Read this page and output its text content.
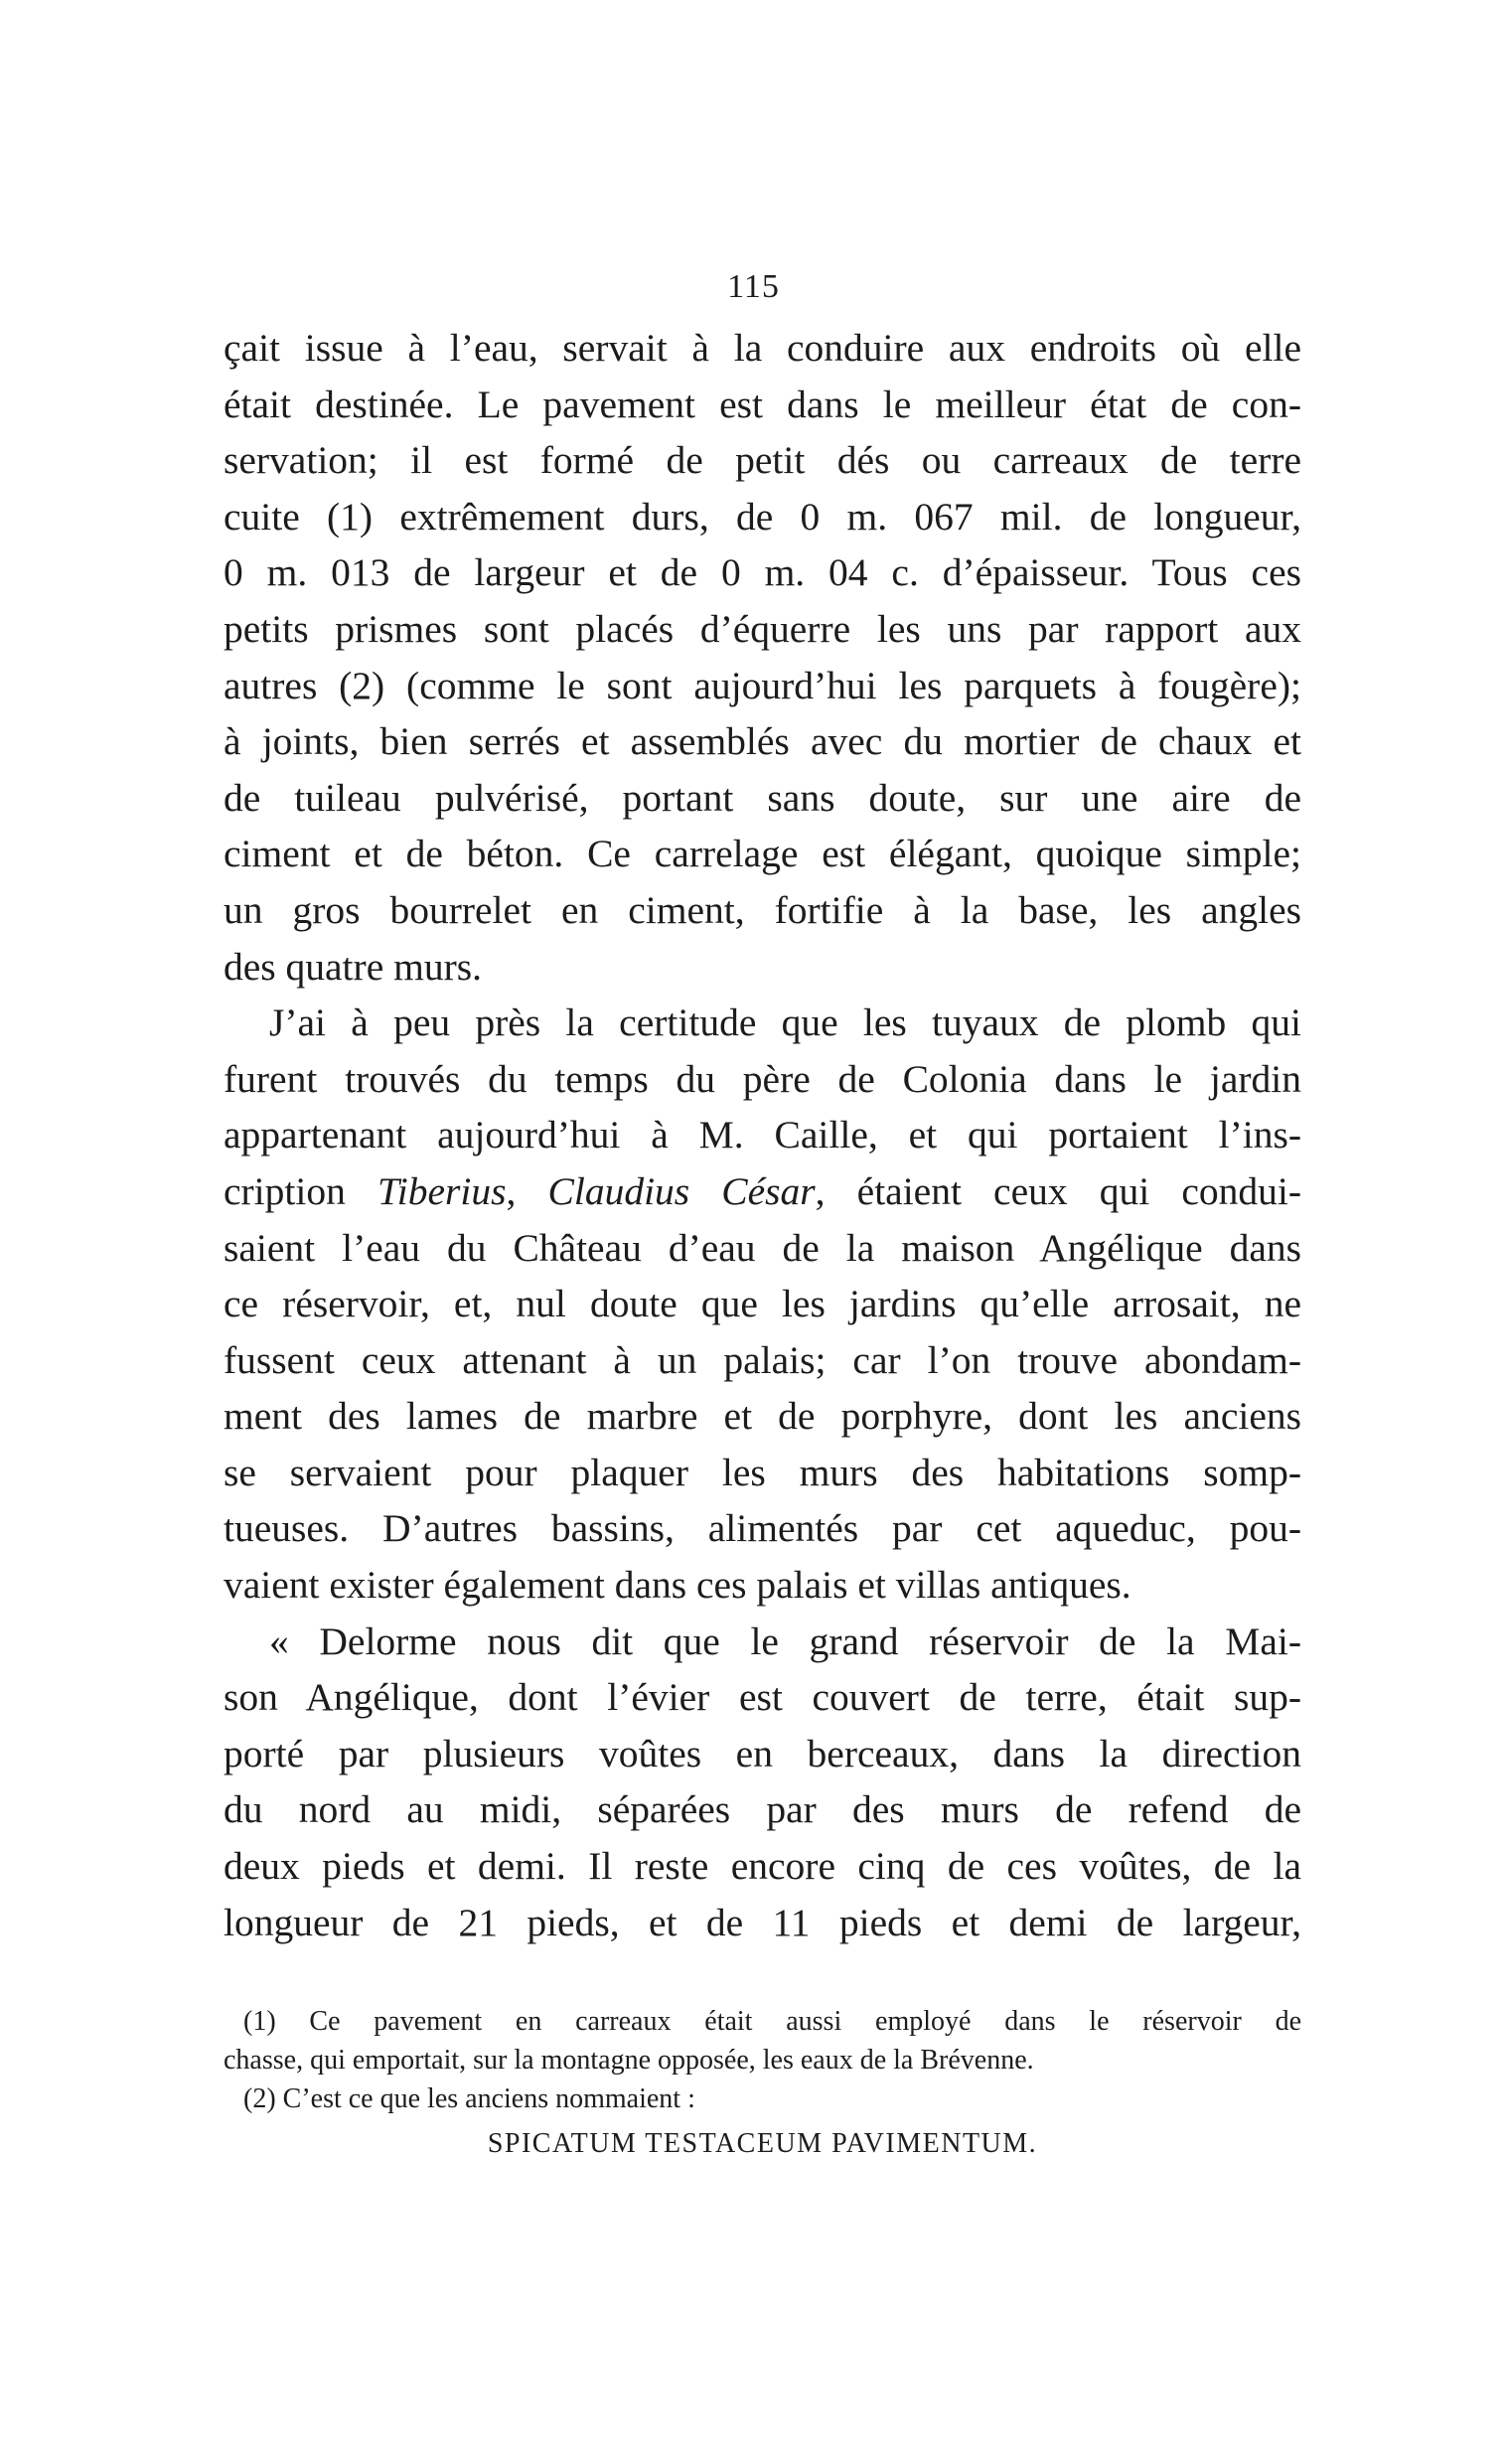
115
çait issue à l’eau, servait à la conduire aux endroits où elle
était destinée. Le pavement est dans le meilleur état de con-
servation; il est formé de petit dés ou carreaux de terre
cuite (1) extrêmement durs, de 0 m. 067 mil. de longueur,
0 m. 013 de largeur et de 0 m. 04 c. d’épaisseur. Tous ces
petits prismes sont placés d’équerre les uns par rapport aux
autres (2) (comme le sont aujourd’hui les parquets à fougère);
à joints, bien serrés et assemblés avec du mortier de chaux et
de tuileau pulvérisé, portant sans doute, sur une aire de
ciment et de béton. Ce carrelage est élégant, quoique simple;
un gros bourrelet en ciment, fortifie à la base, les angles
des quatre murs.
J’ai à peu près la certitude que les tuyaux de plomb qui
furent trouvés du temps du père de Colonia dans le jardin
appartenant aujourd’hui à M. Caille, et qui portaient l’ins-
cription Tiberius, Claudius César, étaient ceux qui condui-
saient l’eau du Château d’eau de la maison Angélique dans
ce réservoir, et, nul doute que les jardins qu’elle arrosait, ne
fussent ceux attenant à un palais; car l’on trouve abondam-
ment des lames de marbre et de porphyre, dont les anciens
se servaient pour plaquer les murs des habitations somp-
tueuses. D’autres bassins, alimentés par cet aqueduc, pou-
vaient exister également dans ces palais et villas antiques.
« Delorme nous dit que le grand réservoir de la Mai-
son Angélique, dont l’évier est couvert de terre, était sup-
porté par plusieurs voûtes en berceaux, dans la direction
du nord au midi, séparées par des murs de refend de
deux pieds et demi. Il reste encore cinq de ces voûtes, de la
longueur de 21 pieds, et de 11 pieds et demi de largeur,
(1) Ce pavement en carreaux était aussi employé dans le réservoir de
chasse, qui emportait, sur la montagne opposée, les eaux de la Brévenne.
(2) C’est ce que les anciens nommaient :
SPICATUM TESTACEUM PAVIMENTUM.
